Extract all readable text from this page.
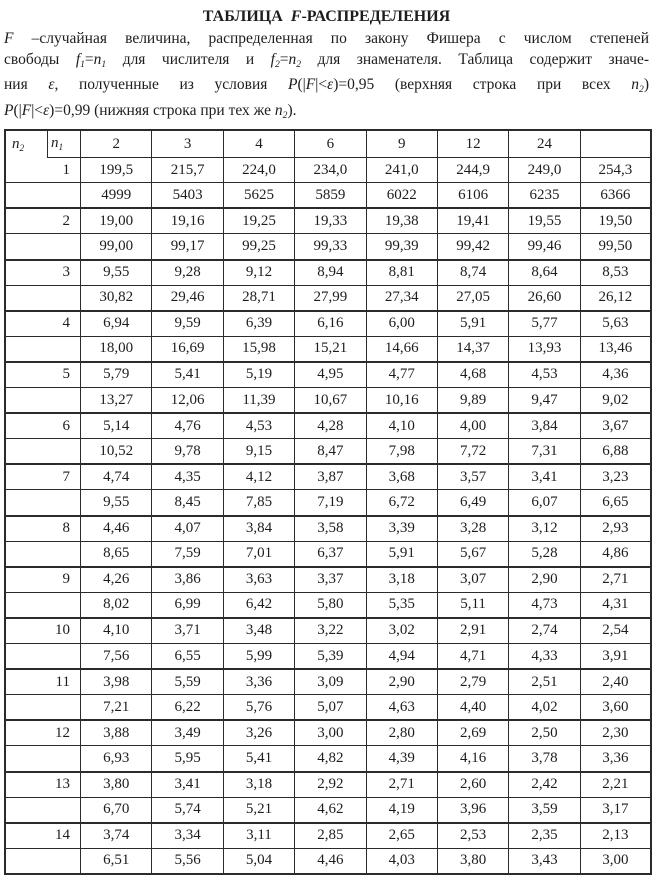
ТАБЛИЦА  F-РАСПРЕДЕЛЕНИЯ
F –случайная величина, распределенная по закону Фишера с числом степеней
свободы f1=n1 для числителя и f2=n2 для знаменателя. Таблица содержит значе-
ния ε, полученные из условия P(|F|<ε)=0,95 (верхняя строка при всех n2)
P(|F|<ε)=0,99 (нижняя строка при тех же n2).
n2	n1	2	3	4	6	9	12	24	
1		199,5	215,7	224,0	234,0	241,0	244,9	249,0	254,3
		4999	5403	5625	5859	6022	6106	6235	6366
2		19,00	19,16	19,25	19,33	19,38	19,41	19,55	19,50
		99,00	99,17	99,25	99,33	99,39	99,42	99,46	99,50
3		9,55	9,28	9,12	8,94	8,81	8,74	8,64	8,53
		30,82	29,46	28,71	27,99	27,34	27,05	26,60	26,12
4		6,94	9,59	6,39	6,16	6,00	5,91	5,77	5,63
		18,00	16,69	15,98	15,21	14,66	14,37	13,93	13,46
5		5,79	5,41	5,19	4,95	4,77	4,68	4,53	4,36
		13,27	12,06	11,39	10,67	10,16	9,89	9,47	9,02
6		5,14	4,76	4,53	4,28	4,10	4,00	3,84	3,67
		10,52	9,78	9,15	8,47	7,98	7,72	7,31	6,88
7		4,74	4,35	4,12	3,87	3,68	3,57	3,41	3,23
		9,55	8,45	7,85	7,19	6,72	6,49	6,07	6,65
8		4,46	4,07	3,84	3,58	3,39	3,28	3,12	2,93
		8,65	7,59	7,01	6,37	5,91	5,67	5,28	4,86
9		4,26	3,86	3,63	3,37	3,18	3,07	2,90	2,71
		8,02	6,99	6,42	5,80	5,35	5,11	4,73	4,31
10		4,10	3,71	3,48	3,22	3,02	2,91	2,74	2,54
		7,56	6,55	5,99	5,39	4,94	4,71	4,33	3,91
11		3,98	5,59	3,36	3,09	2,90	2,79	2,51	2,40
		7,21	6,22	5,76	5,07	4,63	4,40	4,02	3,60
12		3,88	3,49	3,26	3,00	2,80	2,69	2,50	2,30
		6,93	5,95	5,41	4,82	4,39	4,16	3,78	3,36
13		3,80	3,41	3,18	2,92	2,71	2,60	2,42	2,21
		6,70	5,74	5,21	4,62	4,19	3,96	3,59	3,17
14		3,74	3,34	3,11	2,85	2,65	2,53	2,35	2,13
		6,51	5,56	5,04	4,46	4,03	3,80	3,43	3,00
